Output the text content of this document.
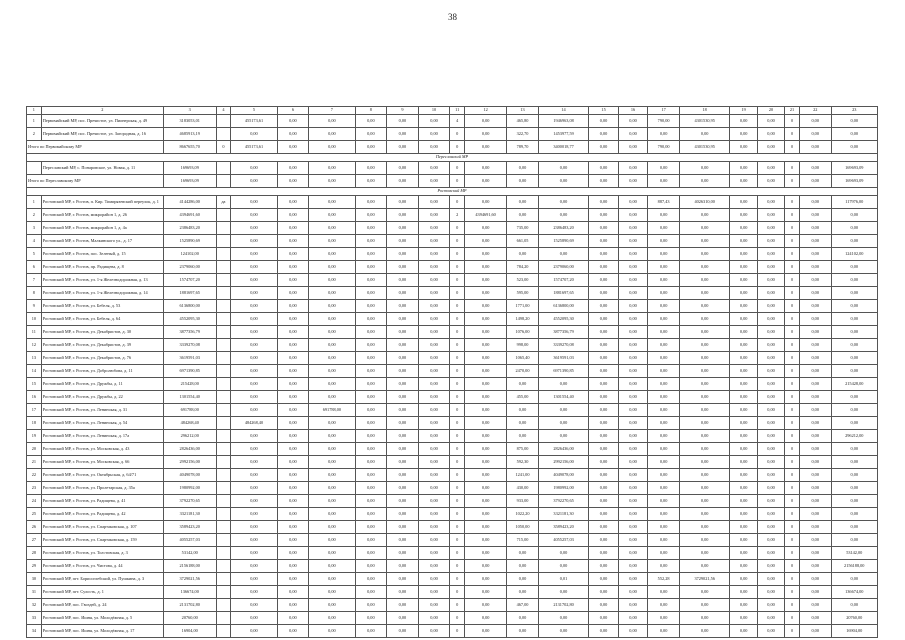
38
1	2	3	4	5	6	7	8	9	10	11	12	13	14	15	16	17	18	19	20	21	22	23
1	Первомайский МР, пос. Пречистое, ул. Пионерская, д. 49	3183053,01		455173,61	0,00	0,00	0,00	0,00	0,00	4	0,00	465,80	1946963,08	0,00	0,00	790,00	4301530,95	0,00	0,00	0	0,00	0,00
2	Первомайский МР, пос. Пречистое, ул. Загородная, д. 16	4685913,19		0,00	0,00	0,00	0,00	0,00	0,00	0	0,00	322,70	1453977,59	0,00	0,00	0,00	0,00	0,00	0,00	0	0,00	0,00
Итого по Первомайскому МР		8667655,70	0	455173,61	0,00	0,00	0,00	0,00	0,00	0	0,00	789,70	3400018,77	0,00	0,00	790,00	4301530,95	0,00	0,00	0	0,00	0,00
Переславский МР																						
	Переславский МР, с. Понаровское, ул. Новая, д. 11	169693,09		0,00	0,00	0,00	0,00	0,00	0,00	0	0,00	0,00	0,00	0,00	0,00	0,00	0,00	0,00	0,00	0	0,00	169693,09
Итого по Переславскому МР		169693,09		0,00	0,00	0,00	0,00	0,00	0,00	0	0,00	0,00	0,00	0,00	0,00	0,00	0,00	0,00	0,00	0	0,00	169693,09
Ростовский МР																						
1	Ростовский МР, г. Ростов, п. Кир. Тимирязевский переулок, д. 1	4144286,00	да	0,00	0,00	0,00	0,00	0,00	0,00	0	0,00	0,00	0,00	0,00	0,00	887,43	4026310,00	0,00	0,00	0	0,00	117976,00
2	Ростовский МР, г. Ростов, микрорайон 1, д. 26	4394691,60		0,00	0,00	0,00	0,00	0,00	0,00	2	4394691,60	0,00	0,00	0,00	0,00	0,00	0,00	0,00	0,00	0	0,00	0,00
3	Ростовский МР, г. Ростов, микрорайон 1, д. 4а	2386483,20		0,00	0,00	0,00	0,00	0,00	0,00	0	0,00	735,00	2386483,20	0,00	0,00	0,00	0,00	0,00	0,00	0	0,00	0,00
4	Ростовский МР, г. Ростов, Малкинского ул., д. 17	1525890,69		0,00	0,00	0,00	0,00	0,00	0,00	0	0,00	661,05	1525890,69	0,00	0,00	0,00	0,00	0,00	0,00	0	0,00	0,00
5	Ростовский МР, г. Ростов, пос. Зеленый, д. 15	124102,00		0,00	0,00	0,00	0,00	0,00	0,00	0	0,00	0,00	0,00	0,00	0,00	0,00	0,00	0,00	0,00	0	0,00	124102,00
6	Ростовский МР, г. Ростов, пр. Радищева, д. 8	2379060,00		0,00	0,00	0,00	0,00	0,00	0,00	0	0,00	784,20	2379060,00	0,00	0,00	0,00	0,00	0,00	0,00	0	0,00	0,00
7	Ростовский МР, г. Ростов, ул. 1-я Железнодорожная, д. 13	1574707,20		0,00	0,00	0,00	0,00	0,00	0,00	0	0,00	523,00	1574707,20	0,00	0,00	0,00	0,00	0,00	0,00	0	0,00	0,00
8	Ростовский МР, г. Ростов, ул. 1-я Железнодорожная, д. 14	1881697,65		0,00	0,00	0,00	0,00	0,00	0,00	0	0,00	595,00	1881697,65	0,00	0,00	0,00	0,00	0,00	0,00	0	0,00	0,00
9	Ростовский МР, г. Ростов, ул. Бебеля, д. 53	6136800,00		0,00	0,00	0,00	0,00	0,00	0,00	0	0,00	1771,00	6136800,00	0,00	0,00	0,00	0,00	0,00	0,00	0	0,00	0,00
10	Ростовский МР, г. Ростов, ул. Бебеля, д. 64	4552095,30		0,00	0,00	0,00	0,00	0,00	0,00	0	0,00	1498,20	4552095,30	0,00	0,00	0,00	0,00	0,00	0,00	0	0,00	0,00
11	Ростовский МР, г. Ростов, ул. Декабристов, д. 30	3877356,79		0,00	0,00	0,00	0,00	0,00	0,00	0	0,00	1076,00	3877356,79	0,00	0,00	0,00	0,00	0,00	0,00	0	0,00	0,00
12	Ростовский МР, г. Ростов, ул. Декабристов, д. 39	3339270,08		0,00	0,00	0,00	0,00	0,00	0,00	0	0,00	998,00	3339270,08	0,00	0,00	0,00	0,00	0,00	0,00	0	0,00	0,00
13	Ростовский МР, г. Ростов, ул. Декабристов, д. 76	3619591,03		0,00	0,00	0,00	0,00	0,00	0,00	0	0,00	1065,40	3619591,03	0,00	0,00	0,00	0,00	0,00	0,00	0	0,00	0,00
14	Ростовский МР, г. Ростов, ул. Добролюбова, д. 11	6971390,85		0,00	0,00	0,00	0,00	0,00	0,00	0	0,00	2470,00	6971390,85	0,00	0,00	0,00	0,00	0,00	0,00	0	0,00	0,00
15	Ростовский МР, г. Ростов, ул. Дружбы, д. 11	215428,00		0,00	0,00	0,00	0,00	0,00	0,00	0	0,00	0,00	0,00	0,00	0,00	0,00	0,00	0,00	0,00	0	0,00	215428,00
16	Ростовский МР, г. Ростов, ул. Дружбы, д. 22	1301554,40		0,00	0,00	0,00	0,00	0,00	0,00	0	0,00	455,00	1301554,40	0,00	0,00	0,00	0,00	0,00	0,00	0	0,00	0,00
17	Ростовский МР, г. Ростов, ул. Ленинская, д. 31	691788,00		0,00	0,00	691788,00	0,00	0,00	0,00	0	0,00	0,00	0,00	0,00	0,00	0,00	0,00	0,00	0,00	0	0,00	0,00
18	Ростовский МР, г. Ростов, ул. Ленинская, д. 54	484268,40		484268,40	0,00	0,00	0,00	0,00	0,00	0	0,00	0,00	0,00	0,00	0,00	0,00	0,00	0,00	0,00	0	0,00	0,00
19	Ростовский МР, г. Ростов, ул. Ленинская, д. 17а	296212,00		0,00	0,00	0,00	0,00	0,00	0,00	0	0,00	0,00	0,00	0,00	0,00	0,00	0,00	0,00	0,00	0	0,00	296212,00
20	Ростовский МР, г. Ростов, ул. Московская, д. 43	2826436,00		0,00	0,00	0,00	0,00	0,00	0,00	0	0,00	875,00	2826436,00	0,00	0,00	0,00	0,00	0,00	0,00	0	0,00	0,00
21	Ростовский МР, г. Ростов, ул. Московская, д. 66	2992156,00		0,00	0,00	0,00	0,00	0,00	0,00	0	0,00	592,30	2992156,00	0,00	0,00	0,00	0,00	0,00	0,00	0	0,00	0,00
22	Ростовский МР, г. Ростов, ул. Октябрьская, д. 64/71	4049078,00		0,00	0,00	0,00	0,00	0,00	0,00	0	0,00	1241,00	4049078,00	0,00	0,00	0,00	0,00	0,00	0,00	0	0,00	0,00
23	Ростовский МР, г. Ростов, ул. Пролетарская, д. 35а	1980992,00		0,00	0,00	0,00	0,00	0,00	0,00	0	0,00	430,00	1980992,00	0,00	0,00	0,00	0,00	0,00	0,00	0	0,00	0,00
24	Ростовский МР, г. Ростов, ул. Радищева, д. 41	3792270,65		0,00	0,00	0,00	0,00	0,00	0,00	0	0,00	933,00	3792270,65	0,00	0,00	0,00	0,00	0,00	0,00	0	0,00	0,00
25	Ростовский МР, г. Ростов, ул. Радищева, д. 42	3321181,30		0,00	0,00	0,00	0,00	0,00	0,00	0	0,00	1022,20	3321181,30	0,00	0,00	0,00	0,00	0,00	0,00	0	0,00	0,00
26	Ростовский МР, г. Ростов, ул. Спартаковская, д. 107	3589423,20		0,00	0,00	0,00	0,00	0,00	0,00	0	0,00	1050,00	3589423,20	0,00	0,00	0,00	0,00	0,00	0,00	0	0,00	0,00
27	Ростовский МР, г. Ростов, ул. Спартаковская, д. 159	4055257,03		0,00	0,00	0,00	0,00	0,00	0,00	0	0,00	715,00	4055257,03	0,00	0,00	0,00	0,00	0,00	0,00	0	0,00	0,00
28	Ростовский МР, г. Ростов, ул. Толстовская, д. 3	53142,00		0,00	0,00	0,00	0,00	0,00	0,00	0	0,00	0,00	0,00	0,00	0,00	0,00	0,00	0,00	0,00	0	0,00	53142,00
29	Ростовский МР, г. Ростов, ул. Чистова, д. 44	2156188,00		0,00	0,00	0,00	0,00	0,00	0,00	0	0,00	0,00	0,00	0,00	0,00	0,00	0,00	0,00	0,00	0	0,00	2156188,00
30	Ростовский МР, пгт. Борисоглебский, ул. Пушкина, д. 3	3729021,56		0,00	0,00	0,00	0,00	0,00	0,00	0	0,00	0,00	0,01	0,00	0,00	552,28	3729021,56	0,00	0,00	0	0,00	0,00
31	Ростовский МР, пгт. Сулость, д. 1	136674,00		0,00	0,00	0,00	0,00	0,00	0,00	0	0,00	0,00	0,00	0,00	0,00	0,00	0,00	0,00	0,00	0	0,00	136674,00
32	Ростовский МР, пос. Гвоздей, д. 24	2131702,80		0,00	0,00	0,00	0,00	0,00	0,00	0	0,00	467,00	2131702,80	0,00	0,00	0,00	0,00	0,00	0,00	0	0,00	0,00
33	Ростовский МР, пос. Ишня, ул. Молодёжная, д. 5	20760,00		0,00	0,00	0,00	0,00	0,00	0,00	0	0,00	0,00	0,00	0,00	0,00	0,00	0,00	0,00	0,00	0	0,00	20760,00
34	Ростовский МР, пос. Ишня, ул. Молодёжная, д. 17	16904,00		0,00	0,00	0,00	0,00	0,00	0,00	0	0,00	0,00	0,00	0,00	0,00	0,00	0,00	0,00	0,00	0	0,00	16904,00
